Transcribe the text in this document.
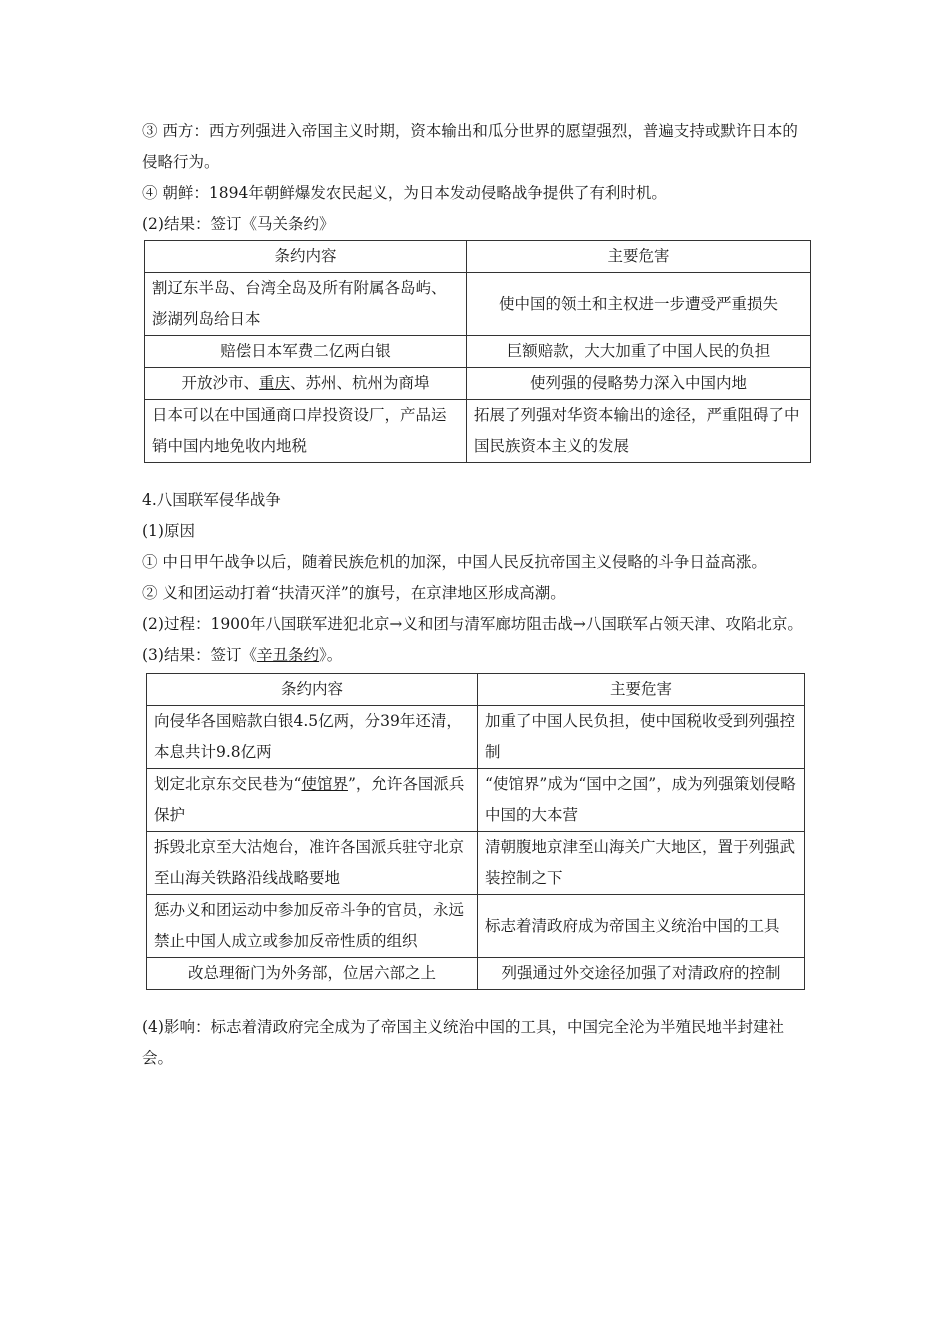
③ 西方：西方列强进入帝国主义时期，资本输出和瓜分世界的愿望强烈，普遍支持或默许日本的侵略行为。

④ 朝鲜：1894年朝鲜爆发农民起义，为日本发动侵略战争提供了有利时机。

(2)结果：签订《马关条约》

条约内容	主要危害
割辽东半岛、台湾全岛及所有附属各岛屿、澎湖列岛给日本	使中国的领土和主权进一步遭受严重损失
赔偿日本军费二亿两白银	巨额赔款，大大加重了中国人民的负担
开放沙市、重庆、苏州、杭州为商埠	使列强的侵略势力深入中国内地
日本可以在中国通商口岸投资设厂，产品运销中国内地免收内地税	拓展了列强对华资本输出的途径，严重阻碍了中国民族资本主义的发展

4.八国联军侵华战争

(1)原因

① 中日甲午战争以后，随着民族危机的加深，中国人民反抗帝国主义侵略的斗争日益高涨。

② 义和团运动打着“扶清灭洋”的旗号，在京津地区形成高潮。

(2)过程：1900年八国联军进犯北京→义和团与清军廊坊阻击战→八国联军占领天津、攻陷北京。

(3)结果：签订《辛丑条约》。

条约内容	主要危害
向侵华各国赔款白银4.5亿两，分39年还清，本息共计9.8亿两	加重了中国人民负担，使中国税收受到列强控制
划定北京东交民巷为“使馆界”，允许各国派兵保护	“使馆界”成为“国中之国”，成为列强策划侵略中国的大本营
拆毁北京至大沽炮台，准许各国派兵驻守北京至山海关铁路沿线战略要地	清朝腹地京津至山海关广大地区，置于列强武装控制之下
惩办义和团运动中参加反帝斗争的官员，永远禁止中国人成立或参加反帝性质的组织	标志着清政府成为帝国主义统治中国的工具
改总理衙门为外务部，位居六部之上	列强通过外交途径加强了对清政府的控制

(4)影响：标志着清政府完全成为了帝国主义统治中国的工具，中国完全沦为半殖民地半封建社会。
